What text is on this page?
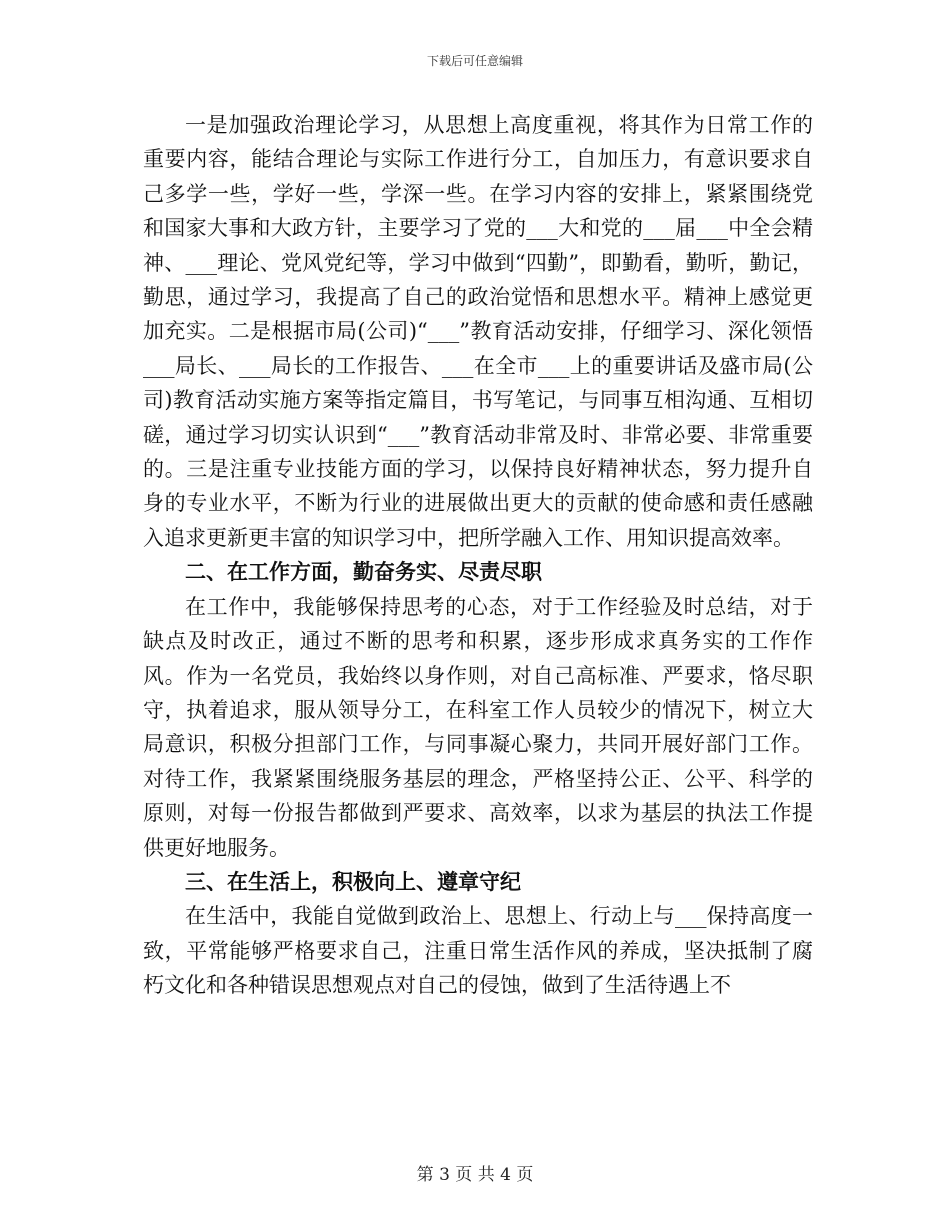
下载后可任意编辑

一是加强政治理论学习，从思想上高度重视，将其作为日常工作的重要内容，能结合理论与实际工作进行分工，自加压力，有意识要求自己多学一些，学好一些，学深一些。在学习内容的安排上，紧紧围绕党和国家大事和大政方针，主要学习了党的___大和党的___届___中全会精神、___理论、党风党纪等，学习中做到“四勤”，即勤看，勤听，勤记，勤思，通过学习，我提高了自己的政治觉悟和思想水平。精神上感觉更加充实。二是根据市局(公司)“___”教育活动安排，仔细学习、深化领悟___局长、___局长的工作报告、___在全市___上的重要讲话及盛市局(公司)教育活动实施方案等指定篇目，书写笔记，与同事互相沟通、互相切磋，通过学习切实认识到“___”教育活动非常及时、非常必要、非常重要的。三是注重专业技能方面的学习，以保持良好精神状态，努力提升自身的专业水平，不断为行业的进展做出更大的贡献的使命感和责任感融入追求更新更丰富的知识学习中，把所学融入工作、用知识提高效率。

二、在工作方面，勤奋务实、尽责尽职

在工作中，我能够保持思考的心态，对于工作经验及时总结，对于缺点及时改正，通过不断的思考和积累，逐步形成求真务实的工作作风。作为一名党员，我始终以身作则，对自己高标准、严要求，恪尽职守，执着追求，服从领导分工，在科室工作人员较少的情况下，树立大局意识，积极分担部门工作，与同事凝心聚力，共同开展好部门工作。对待工作，我紧紧围绕服务基层的理念，严格坚持公正、公平、科学的原则，对每一份报告都做到严要求、高效率，以求为基层的执法工作提供更好地服务。

三、在生活上，积极向上、遵章守纪

在生活中，我能自觉做到政治上、思想上、行动上与___保持高度一致，平常能够严格要求自己，注重日常生活作风的养成，坚决抵制了腐朽文化和各种错误思想观点对自己的侵蚀，做到了生活待遇上不

第 3 页 共 4 页
